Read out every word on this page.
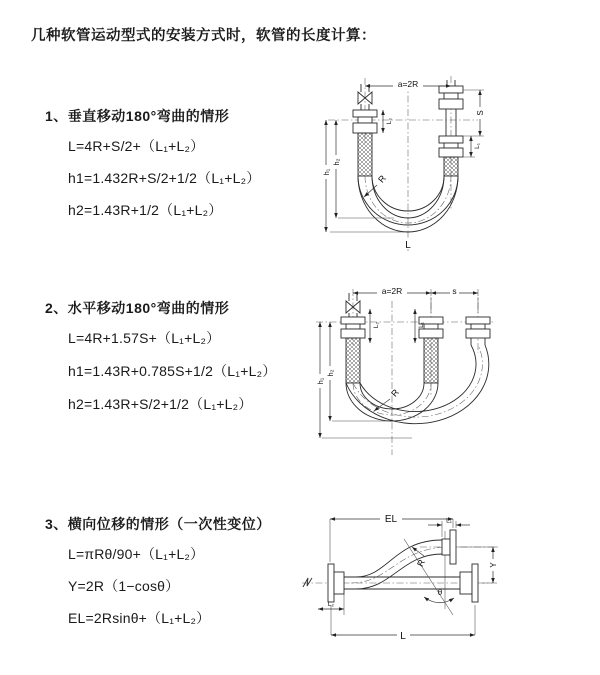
几种软管运动型式的安装方式时，软管的长度计算：
1、垂直移动180°弯曲的情形
L=4R+S/2+（L₁+L₂）
h1=1.432R+S/2+1/2（L₁+L₂）
h2=1.43R+1/2（L₁+L₂）
2、水平移动180°弯曲的情形
L=4R+1.57S+（L₁+L₂）
h1=1.43R+0.785S+1/2（L₁+L₂）
h2=1.43R+S/2+1/2（L₁+L₂）
3、横向位移的情形（一次性变位）
L=πRθ/90+（L₁+L₂）
Y=2R（1−cosθ）
EL=2Rsinθ+（L₁+L₂）
a=2R
S
L₁
h₁
h₂
L₂
R
L
a=2R	s
h₁
h₂
L₂	L₁
R
θ
EL	L₁
Y
R
L
L₂
